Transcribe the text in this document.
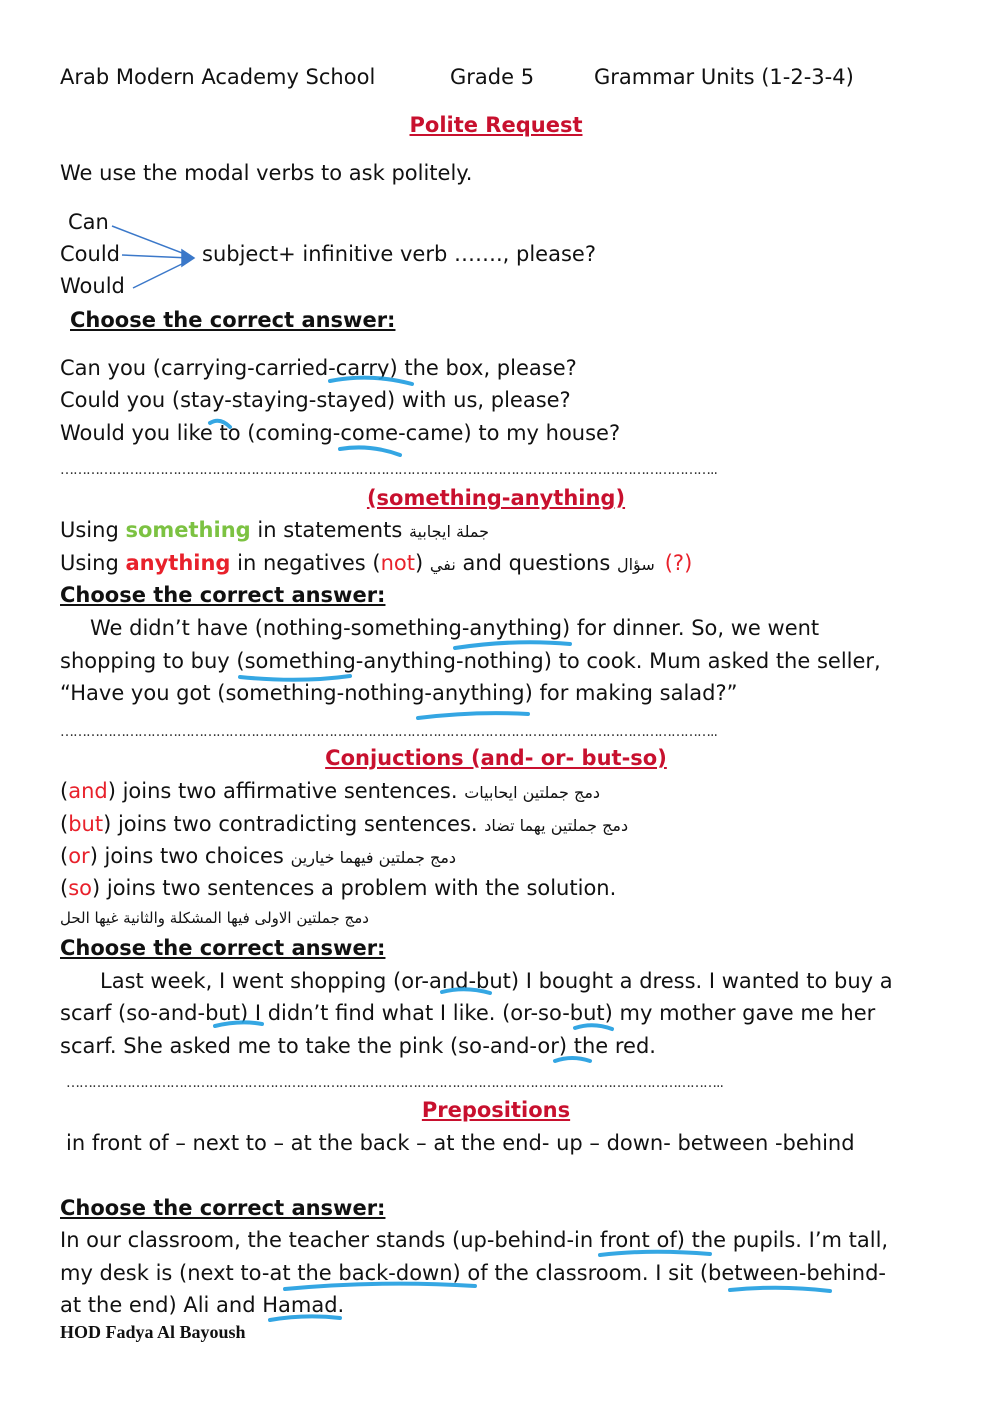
Arab Modern Academy School	Grade 5	Grammar Units (1-2-3-4)
Polite Request
We use the modal verbs to ask politely.
Can
Could
Would
subject+ infinitive verb ……., please?
Choose the correct answer:
Can you (carrying-carried-carry) the box, please?
Could you (stay-staying-stayed) with us, please?
Would you like to (coming-come-came) to my house?
……………………………………………………………………………………………………………………………………..
(something-anything)
Using something in statements جملة ايجابية
Using anything in negatives (not) نفي and questions سؤال (?)
Choose the correct answer:
We didn’t have (nothing-something-anything) for dinner. So, we went
shopping to buy (something-anything-nothing) to cook. Mum asked the seller,
“Have you got (something-nothing-anything) for making salad?”
……………………………………………………………………………………………………………………………………..
Conjuctions (and- or- but-so)
(and) joins two affirmative sentences. دمج جملتين ايحابيات
(but) joins two contradicting sentences. دمج جملتين يهما تضاد
(or) joins two choices دمج جملتين فيهما خيارين
(so) joins two sentences a problem with the solution.
دمج جملتين الاولى فيها المشكلة والثانية غيها الحل
Choose the correct answer:
Last week, I went shopping (or-and-but) I bought a dress. I wanted to buy a
scarf (so-and-but) I didn’t find what I like. (or-so-but) my mother gave me her
scarf. She asked me to take the pink (so-and-or) the red.
……………………………………………………………………………………………………………………………………..
Prepositions
in front of – next to – at the back – at the end- up – down- between -behind
Choose the correct answer:
In our classroom, the teacher stands (up-behind-in front of) the pupils. I’m tall,
my desk is (next to-at the back-down) of the classroom. I sit (between-behind-
at the end) Ali and Hamad.
HOD Fadya Al Bayoush
